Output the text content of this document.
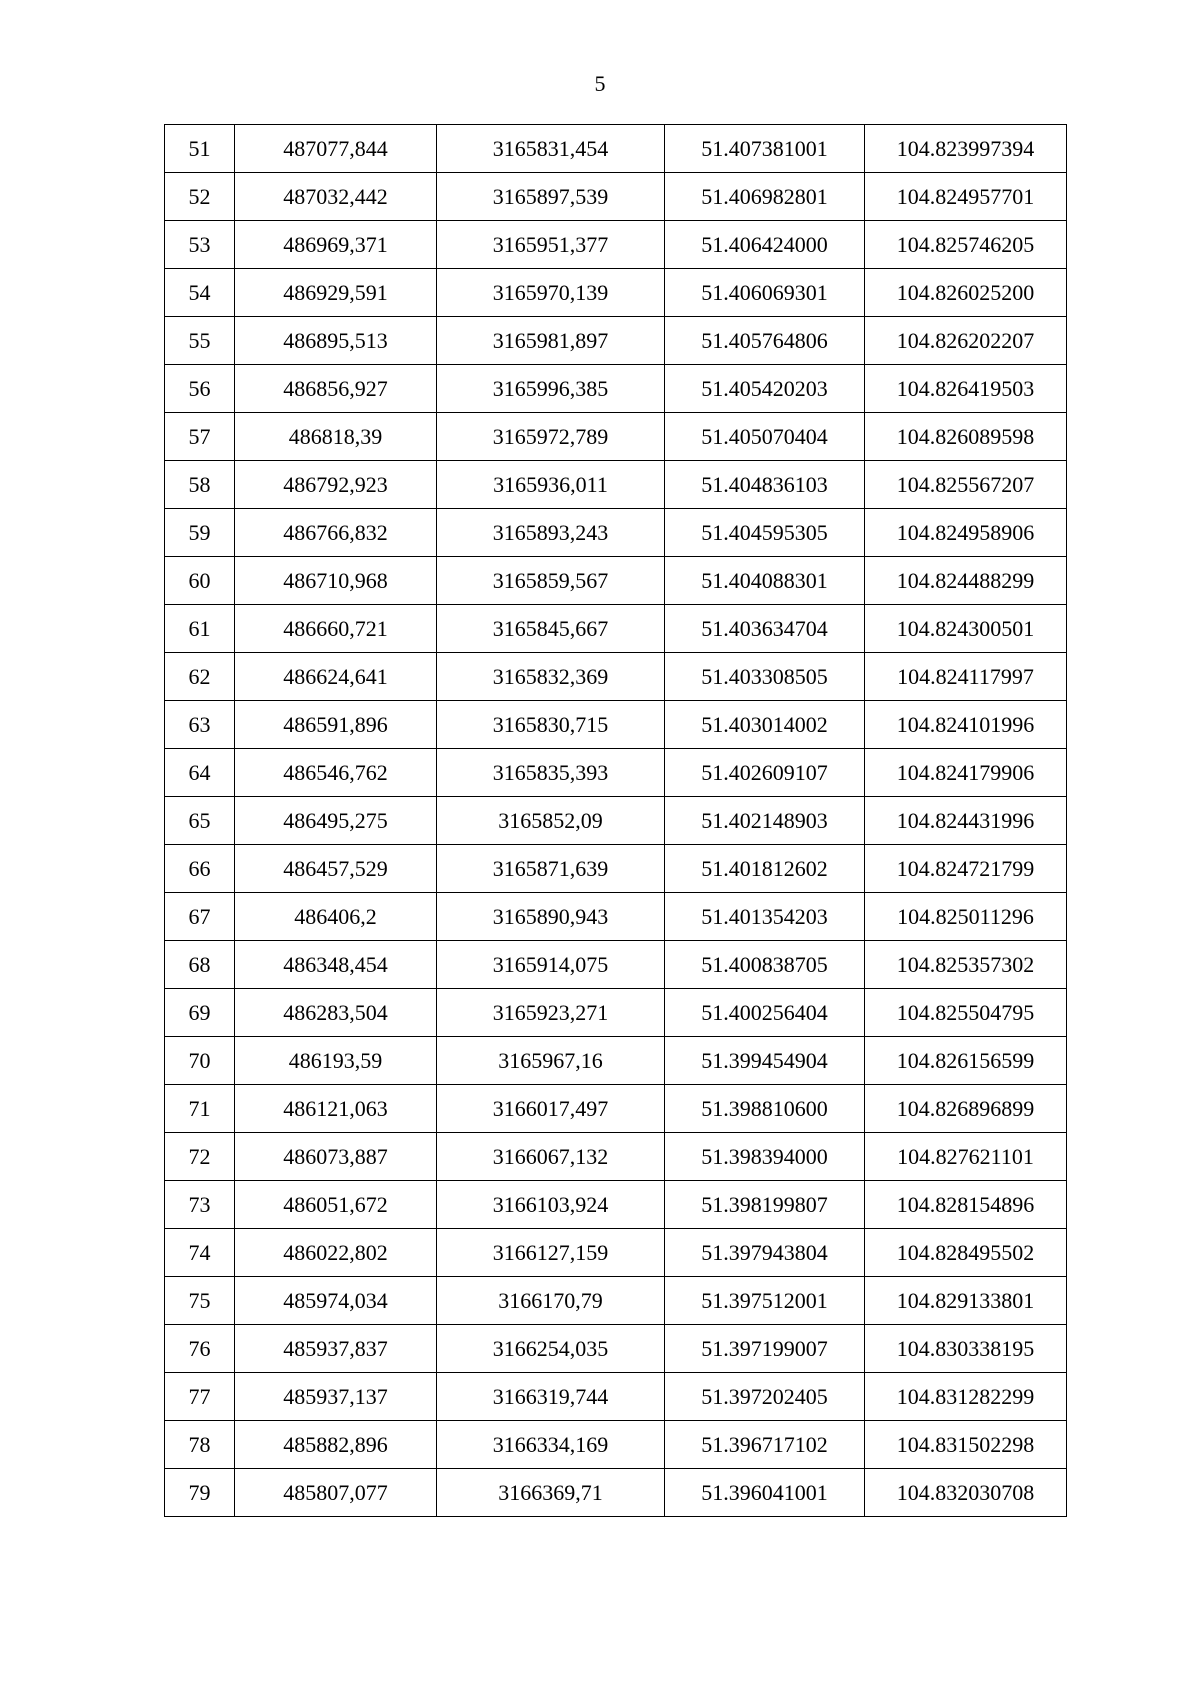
5
51	487077,844	3165831,454	51.407381001	104.823997394
52	487032,442	3165897,539	51.406982801	104.824957701
53	486969,371	3165951,377	51.406424000	104.825746205
54	486929,591	3165970,139	51.406069301	104.826025200
55	486895,513	3165981,897	51.405764806	104.826202207
56	486856,927	3165996,385	51.405420203	104.826419503
57	486818,39	3165972,789	51.405070404	104.826089598
58	486792,923	3165936,011	51.404836103	104.825567207
59	486766,832	3165893,243	51.404595305	104.824958906
60	486710,968	3165859,567	51.404088301	104.824488299
61	486660,721	3165845,667	51.403634704	104.824300501
62	486624,641	3165832,369	51.403308505	104.824117997
63	486591,896	3165830,715	51.403014002	104.824101996
64	486546,762	3165835,393	51.402609107	104.824179906
65	486495,275	3165852,09	51.402148903	104.824431996
66	486457,529	3165871,639	51.401812602	104.824721799
67	486406,2	3165890,943	51.401354203	104.825011296
68	486348,454	3165914,075	51.400838705	104.825357302
69	486283,504	3165923,271	51.400256404	104.825504795
70	486193,59	3165967,16	51.399454904	104.826156599
71	486121,063	3166017,497	51.398810600	104.826896899
72	486073,887	3166067,132	51.398394000	104.827621101
73	486051,672	3166103,924	51.398199807	104.828154896
74	486022,802	3166127,159	51.397943804	104.828495502
75	485974,034	3166170,79	51.397512001	104.829133801
76	485937,837	3166254,035	51.397199007	104.830338195
77	485937,137	3166319,744	51.397202405	104.831282299
78	485882,896	3166334,169	51.396717102	104.831502298
79	485807,077	3166369,71	51.396041001	104.832030708
